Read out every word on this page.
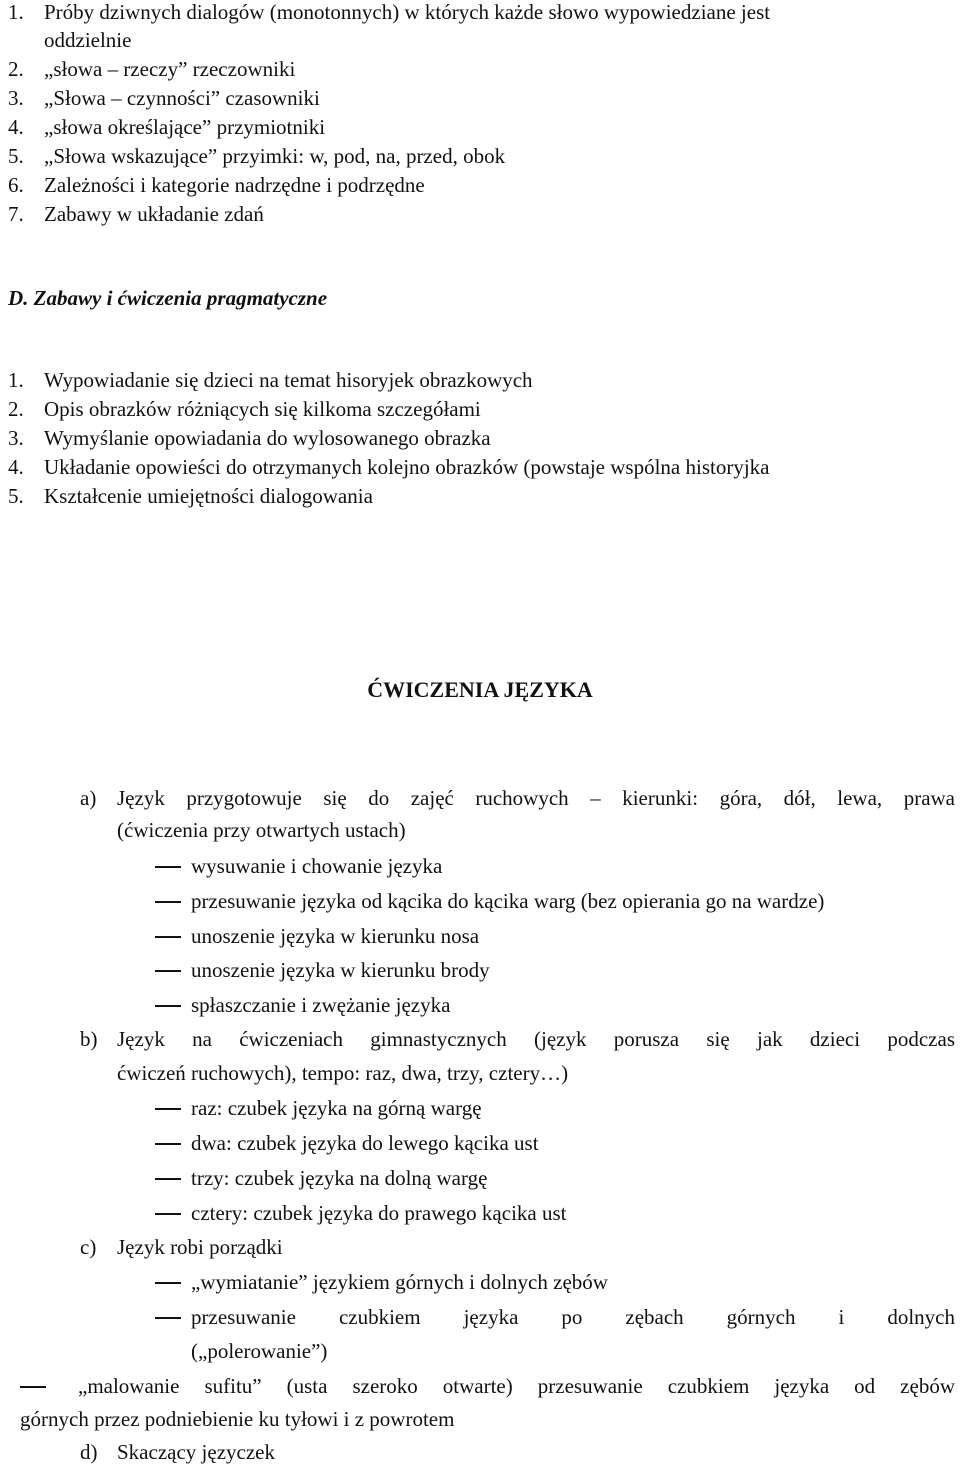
1. Próby dziwnych dialogów (monotonnych) w których każde słowo wypowiedziane jest
oddzielnie
2. „słowa – rzeczy” rzeczowniki
3. „Słowa – czynności” czasowniki
4. „słowa określające” przymiotniki
5. „Słowa wskazujące” przyimki: w, pod, na, przed, obok
6. Zależności i kategorie nadrzędne i podrzędne
7. Zabawy w układanie zdań
D. Zabawy i ćwiczenia pragmatyczne
1. Wypowiadanie się dzieci na temat hisoryjek obrazkowych
2. Opis obrazków różniących się kilkoma szczegółami
3. Wymyślanie opowiadania do wylosowanego obrazka
4. Układanie opowieści do otrzymanych kolejno obrazków (powstaje wspólna historyjka
5. Kształcenie umiejętności dialogowania
ĆWICZENIA JĘZYKA
a) Język przygotowuje się do zajęć ruchowych – kierunki: góra, dół, lewa, prawa
(ćwiczenia przy otwartych ustach)
wysuwanie i chowanie języka
przesuwanie języka od kącika do kącika warg (bez opierania go na wardze)
unoszenie języka w kierunku nosa
unoszenie języka w kierunku brody
spłaszczanie i zwężanie języka
b) Język na ćwiczeniach gimnastycznych (język porusza się jak dzieci podczas
ćwiczeń ruchowych), tempo: raz, dwa, trzy, cztery…)
raz: czubek języka na górną wargę
dwa: czubek języka do lewego kącika ust
trzy: czubek języka na dolną wargę
cztery: czubek języka do prawego kącika ust
c) Język robi porządki
„wymiatanie” językiem górnych i dolnych zębów
przesuwanie czubkiem języka po zębach górnych i dolnych
(„polerowanie”)
„malowanie sufitu” (usta szeroko otwarte) przesuwanie czubkiem języka od zębów
górnych przez podniebienie ku tyłowi i z powrotem
d) Skaczący języczek
